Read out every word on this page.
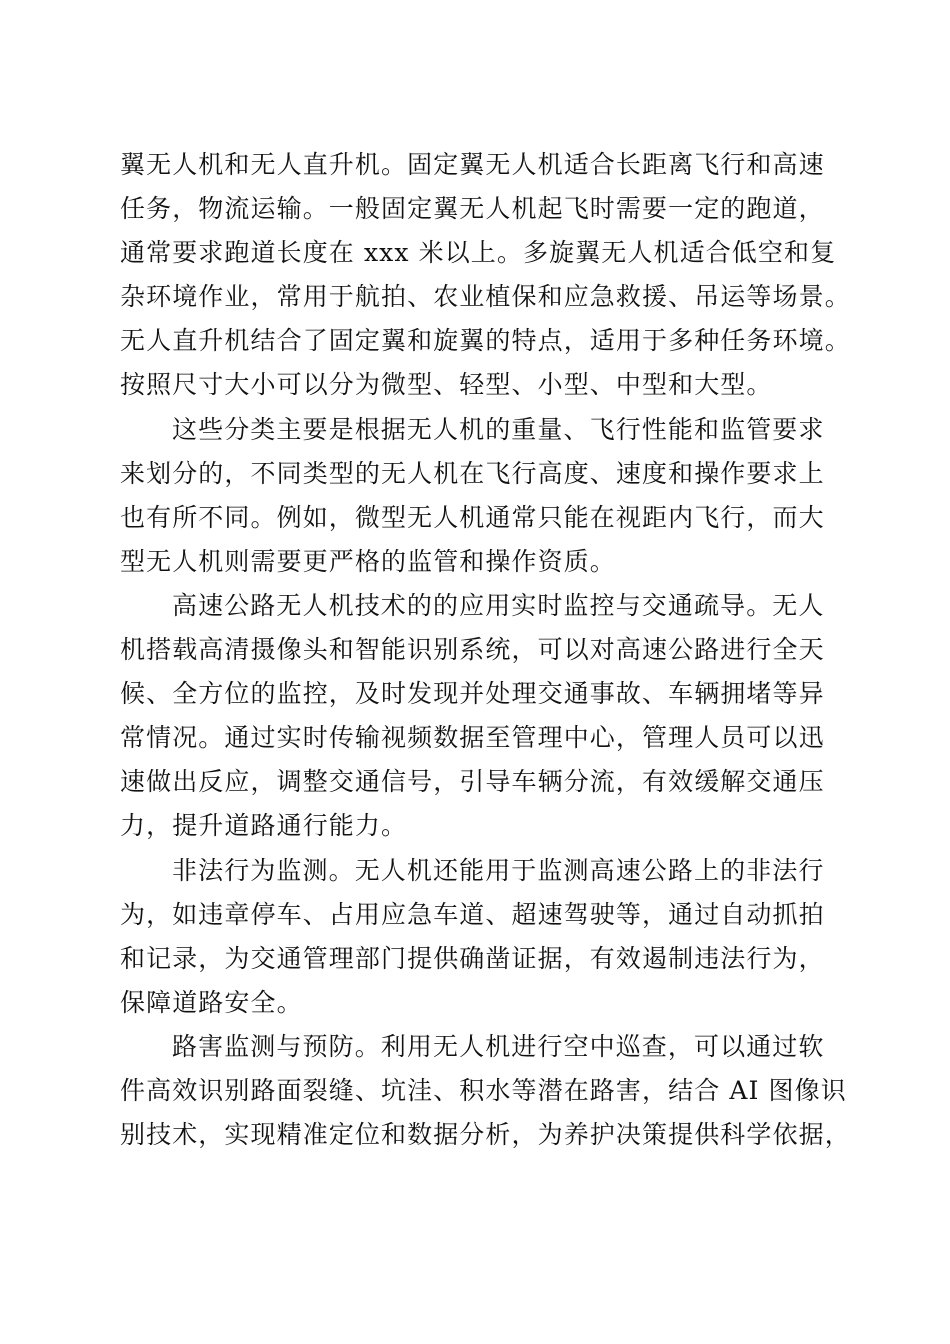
翼无人机和无人直升机。固定翼无人机适合长距离飞行和高速
任务，物流运输。一般固定翼无人机起飞时需要一定的跑道，
通常要求跑道长度在 xxx 米以上。多旋翼无人机适合低空和复
杂环境作业，常用于航拍、农业植保和应急救援、吊运等场景。
无人直升机结合了固定翼和旋翼的特点，适用于多种任务环境。
按照尺寸大小可以分为微型、轻型、小型、中型和大型。
这些分类主要是根据无人机的重量、飞行性能和监管要求
来划分的，不同类型的无人机在飞行高度、速度和操作要求上
也有所不同。例如，微型无人机通常只能在视距内飞行，而大
型无人机则需要更严格的监管和操作资质。
高速公路无人机技术的的应用实时监控与交通疏导。无人
机搭载高清摄像头和智能识别系统，可以对高速公路进行全天
候、全方位的监控，及时发现并处理交通事故、车辆拥堵等异
常情况。通过实时传输视频数据至管理中心，管理人员可以迅
速做出反应，调整交通信号，引导车辆分流，有效缓解交通压
力，提升道路通行能力。
非法行为监测。无人机还能用于监测高速公路上的非法行
为，如违章停车、占用应急车道、超速驾驶等，通过自动抓拍
和记录，为交通管理部门提供确凿证据，有效遏制违法行为，
保障道路安全。
路害监测与预防。利用无人机进行空中巡查，可以通过软
件高效识别路面裂缝、坑洼、积水等潜在路害，结合 AI 图像识
别技术，实现精准定位和数据分析，为养护决策提供科学依据，
